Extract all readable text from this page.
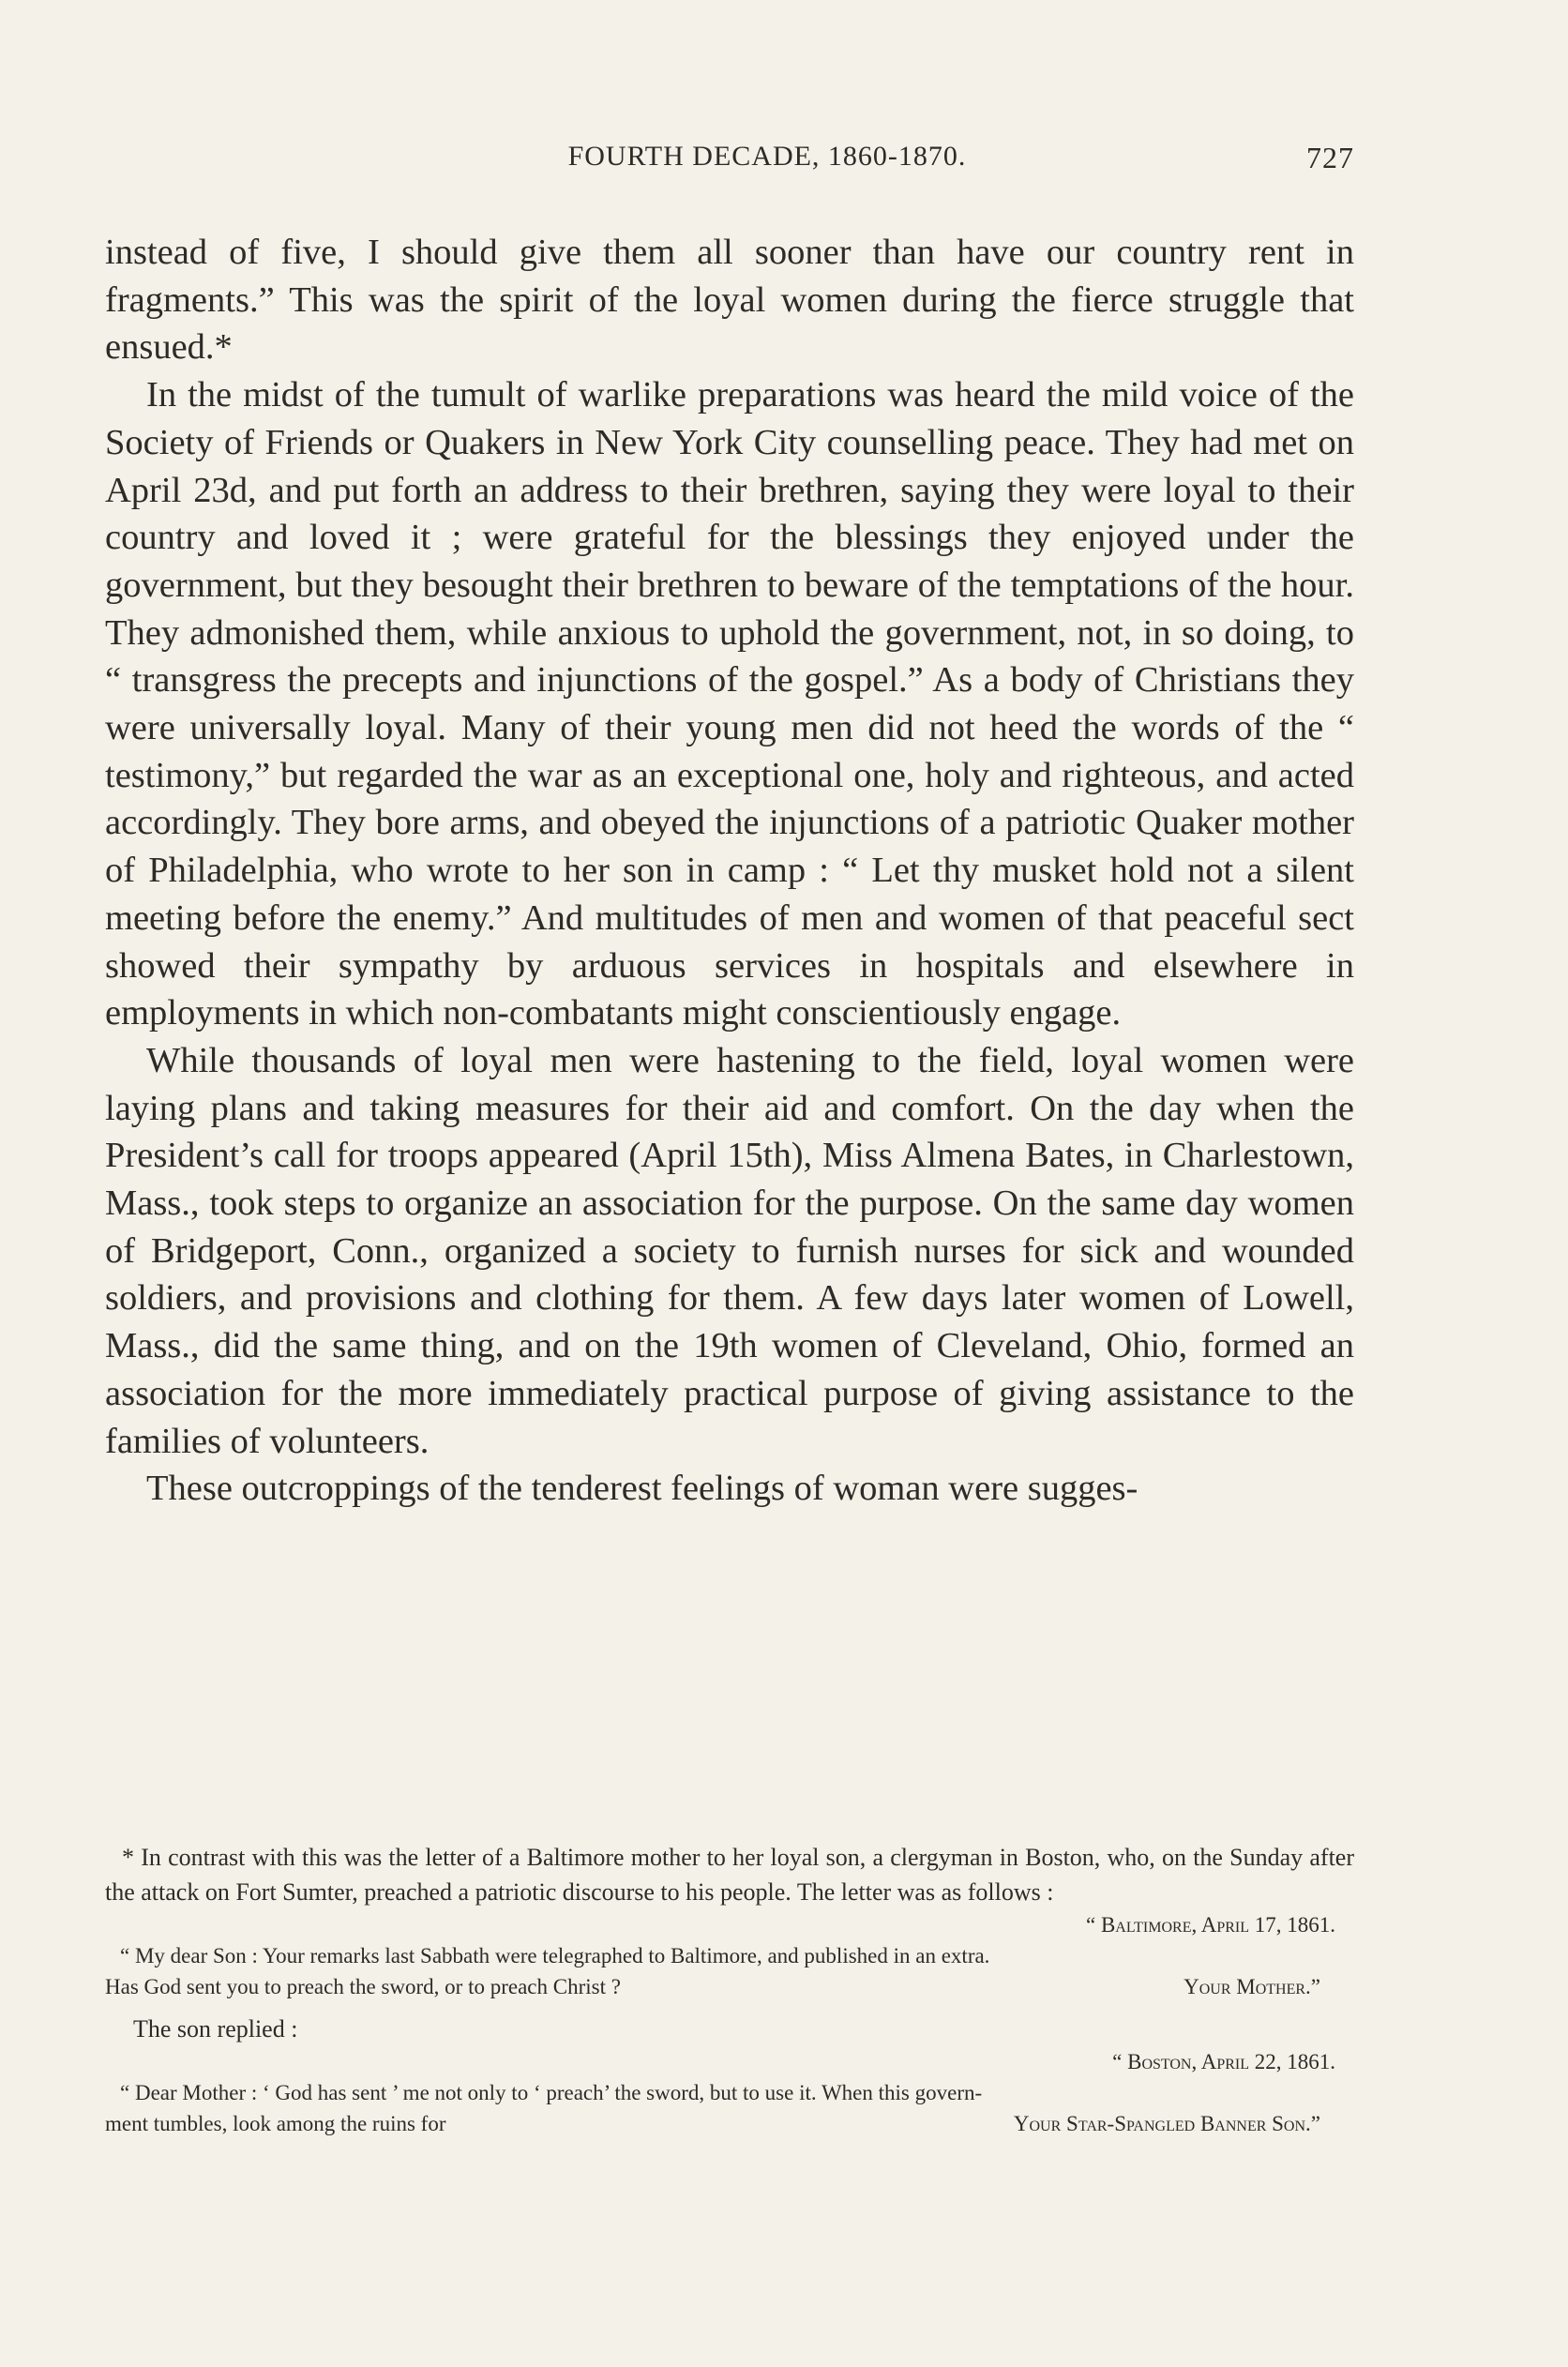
FOURTH DECADE, 1860-1870.	727

instead of five, I should give them all sooner than have our country rent in fragments.” This was the spirit of the loyal women during the fierce struggle that ensued.*

In the midst of the tumult of warlike preparations was heard the mild voice of the Society of Friends or Quakers in New York City counselling peace. They had met on April 23d, and put forth an address to their brethren, saying they were loyal to their country and loved it ; were grateful for the blessings they enjoyed under the government, but they besought their brethren to beware of the temptations of the hour. They admonished them, while anxious to uphold the government, not, in so doing, to “ transgress the precepts and injunctions of the gospel.” As a body of Christians they were universally loyal. Many of their young men did not heed the words of the “ testimony,” but regarded the war as an exceptional one, holy and righteous, and acted accordingly. They bore arms, and obeyed the injunctions of a patriotic Quaker mother of Philadelphia, who wrote to her son in camp : “ Let thy musket hold not a silent meeting before the enemy.” And multitudes of men and women of that peaceful sect showed their sympathy by arduous services in hospitals and elsewhere in employments in which non-combatants might conscientiously engage.

While thousands of loyal men were hastening to the field, loyal women were laying plans and taking measures for their aid and comfort. On the day when the President’s call for troops appeared (April 15th), Miss Almena Bates, in Charlestown, Mass., took steps to organize an association for the purpose. On the same day women of Bridgeport, Conn., organized a society to furnish nurses for sick and wounded soldiers, and provisions and clothing for them. A few days later women of Lowell, Mass., did the same thing, and on the 19th women of Cleveland, Ohio, formed an association for the more immediately practical purpose of giving assistance to the families of volunteers.

These outcroppings of the tenderest feelings of woman were sugges-

* In contrast with this was the letter of a Baltimore mother to her loyal son, a clergyman in Boston, who, on the Sunday after the attack on Fort Sumter, preached a patriotic discourse to his people. The letter was as follows :

“ Baltimore, April 17, 1861.

“ My dear Son : Your remarks last Sabbath were telegraphed to Baltimore, and published in an extra.

Has God sent you to preach the sword, or to preach Christ ?	Your Mother.”

The son replied :

“ Boston, April 22, 1861.

“ Dear Mother : ‘ God has sent ’ me not only to ‘ preach’ the sword, but to use it. When this govern-

ment tumbles, look among the ruins for	Your Star-Spangled Banner Son.”
